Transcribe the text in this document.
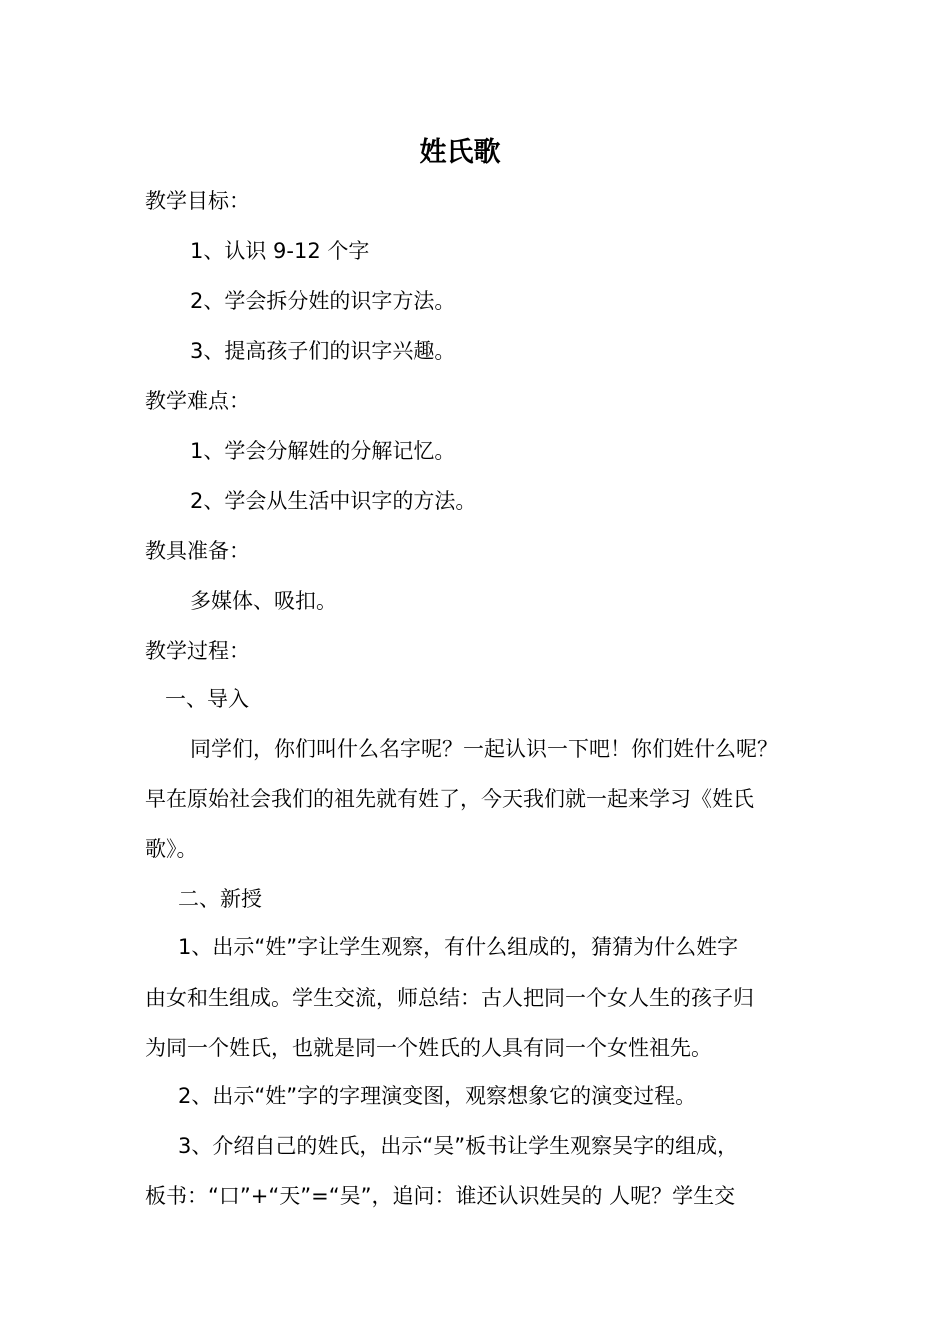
姓氏歌
教学目标：
1、认识 9-12 个字
2、学会拆分姓的识字方法。
3、提高孩子们的识字兴趣。
教学难点：
1、学会分解姓的分解记忆。
2、学会从生活中识字的方法。
教具准备：
多媒体、吸扣。
教学过程：
一、导入
同学们，你们叫什么名字呢？一起认识一下吧！你们姓什么呢？
早在原始社会我们的祖先就有姓了，今天我们就一起来学习《姓氏
歌》。
二、新授
1、出示“姓”字让学生观察，有什么组成的，猜猜为什么姓字
由女和生组成。学生交流，师总结：古人把同一个女人生的孩子归
为同一个姓氏，也就是同一个姓氏的人具有同一个女性祖先。
2、出示“姓”字的字理演变图，观察想象它的演变过程。
3、介绍自己的姓氏，出示“吴”板书让学生观察吴字的组成，
板书：“口”+“天”=“吴”，追问：谁还认识姓吴的 人呢？学生交
